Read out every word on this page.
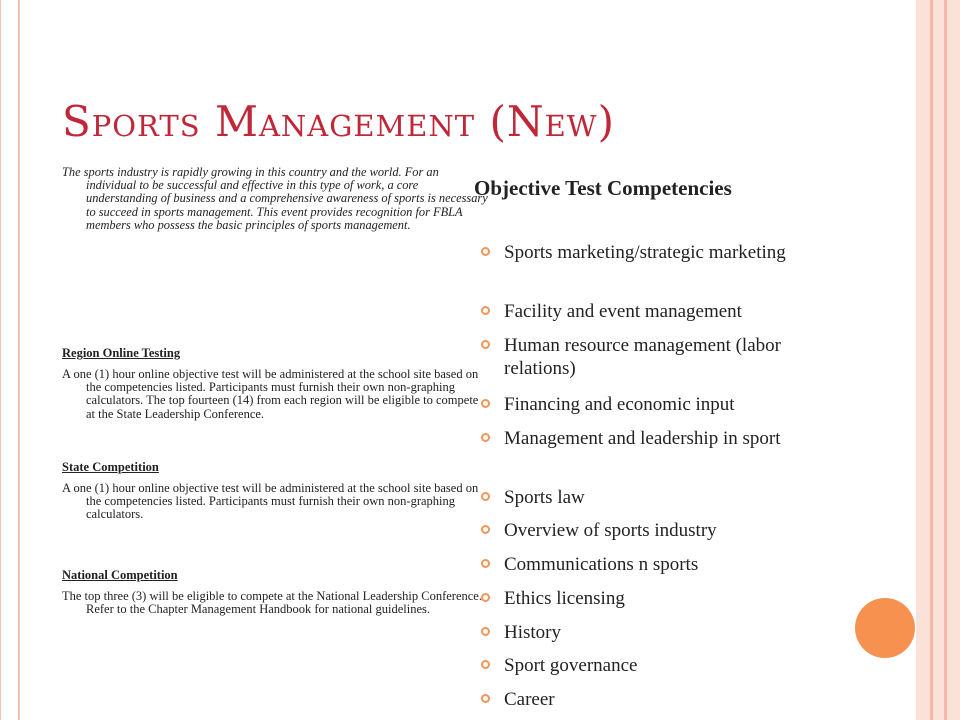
Sports Management (New)

The sports industry is rapidly growing in this country and the world. For an individual to be successful and effective in this type of work, a core understanding of business and a comprehensive awareness of sports is necessary to succeed in sports management. This event provides recognition for FBLA members who possess the basic principles of sports management.

Region Online Testing

A one (1) hour online objective test will be administered at the school site based on the competencies listed. Participants must furnish their own non-graphing calculators. The top fourteen (14) from each region will be eligible to compete at the State Leadership Conference.

State Competition

A one (1) hour online objective test will be administered at the school site based on the competencies listed. Participants must furnish their own non-graphing calculators.

National Competition

The top three (3) will be eligible to compete at the National Leadership Conference. Refer to the Chapter Management Handbook for national guidelines.

Objective Test Competencies
Sports marketing/strategic marketing
Facility and event management
Human resource management (labor relations)
Financing and economic input
Management and leadership in sport
Sports law
Overview of sports industry
Communications n sports
Ethics licensing
History
Sport governance
Career
